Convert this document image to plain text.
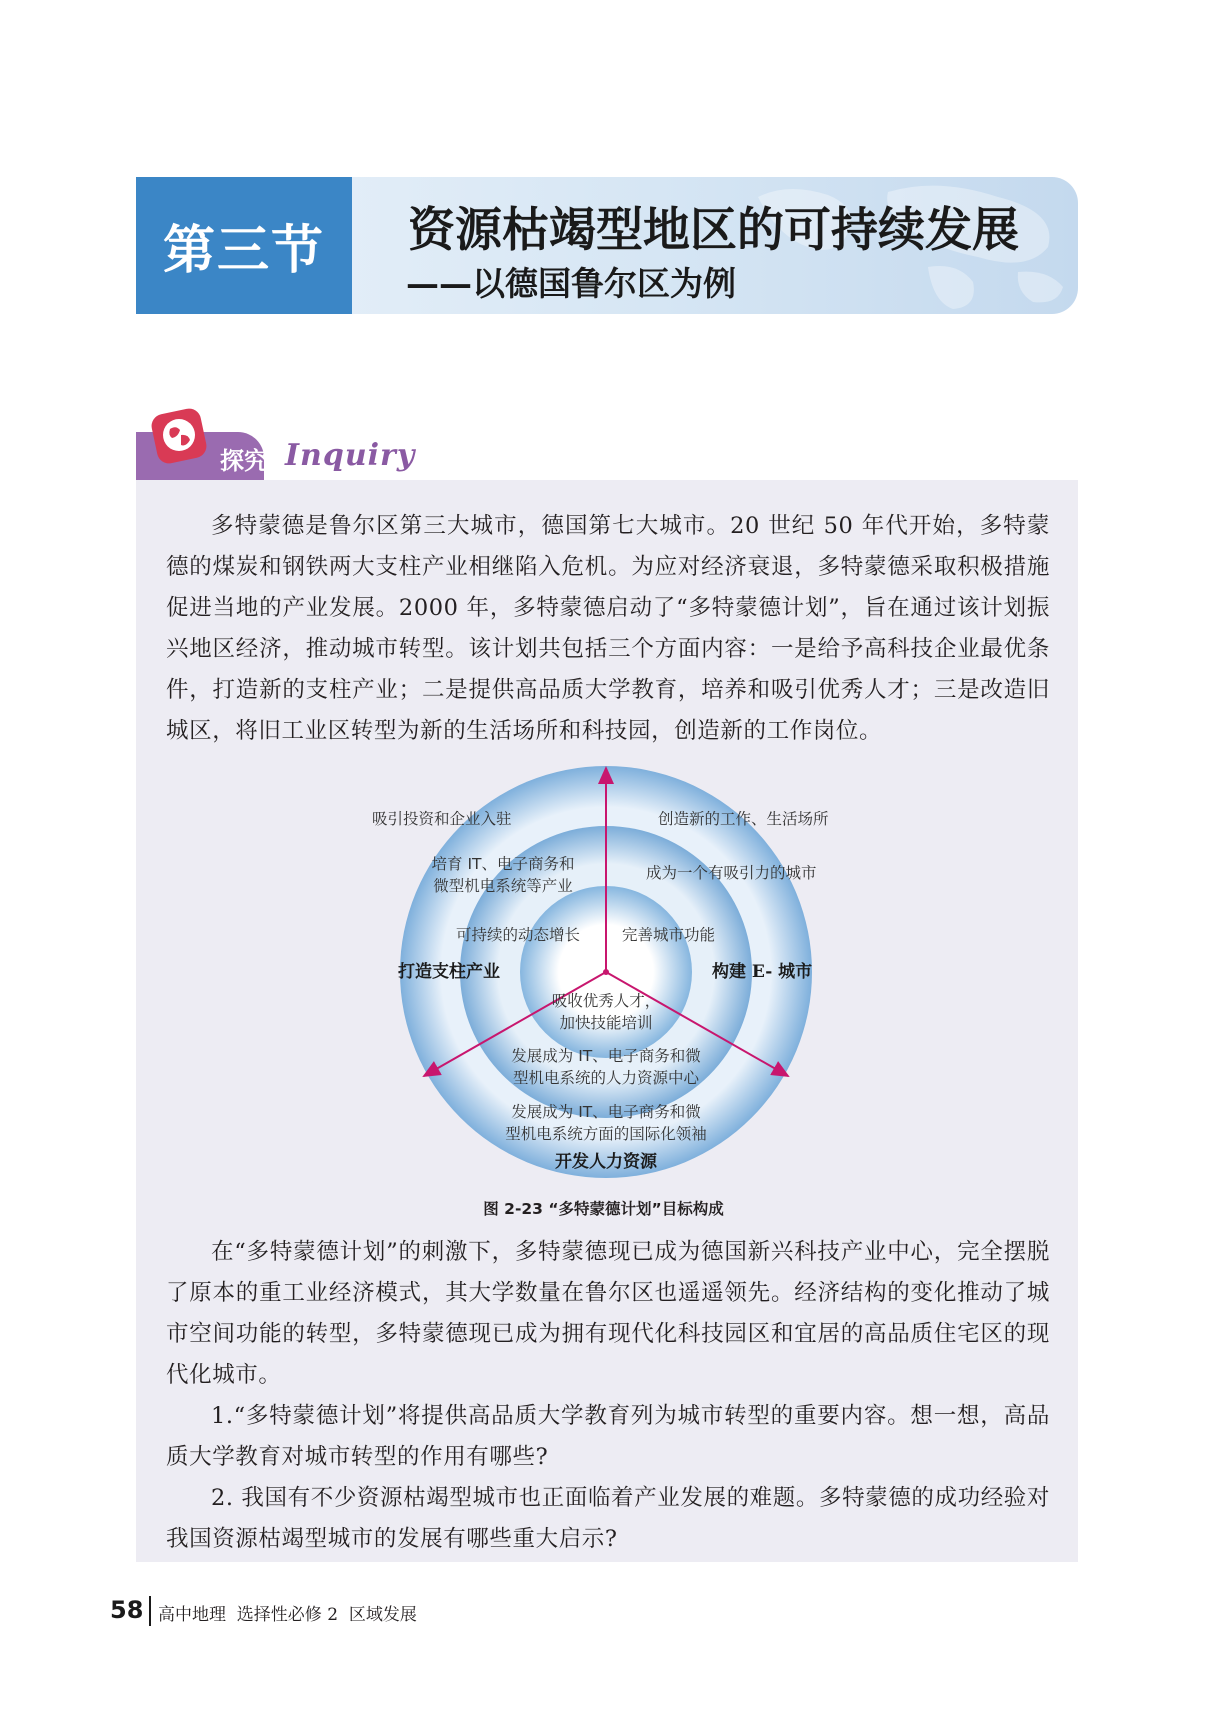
第三节	资源枯竭型地区的可持续发展
——以德国鲁尔区为例
探究 Inquiry

多特蒙德是鲁尔区第三大城市，德国第七大城市。20 世纪 50 年代开始，多特蒙德的煤炭和钢铁两大支柱产业相继陷入危机。为应对经济衰退，多特蒙德采取积极措施促进当地的产业发展。2000 年，多特蒙德启动了“多特蒙德计划”，旨在通过该计划振兴地区经济，推动城市转型。该计划共包括三个方面内容：一是给予高科技企业最优条件，打造新的支柱产业；二是提供高品质大学教育，培养和吸引优秀人才；三是改造旧城区，将旧工业区转型为新的生活场所和科技园，创造新的工作岗位。

吸引投资和企业入驻
培育 IT、电子商务和
微型机电系统等产业
可持续的动态增长
打造支柱产业
创造新的工作、生活场所
成为一个有吸引力的城市
完善城市功能
构建 E- 城市
吸收优秀人才，
加快技能培训
发展成为 IT、电子商务和微
型机电系统的人力资源中心
发展成为 IT、电子商务和微
型机电系统方面的国际化领袖
开发人力资源
图 2-23 “多特蒙德计划”目标构成

在“多特蒙德计划”的刺激下，多特蒙德现已成为德国新兴科技产业中心，完全摆脱了原本的重工业经济模式，其大学数量在鲁尔区也遥遥领先。经济结构的变化推动了城市空间功能的转型，多特蒙德现已成为拥有现代化科技园区和宜居的高品质住宅区的现代化城市。

1.“多特蒙德计划”将提供高品质大学教育列为城市转型的重要内容。想一想，高品质大学教育对城市转型的作用有哪些?

2. 我国有不少资源枯竭型城市也正面临着产业发展的难题。多特蒙德的成功经验对我国资源枯竭型城市的发展有哪些重大启示?

58 高中地理  选择性必修 2  区域发展
